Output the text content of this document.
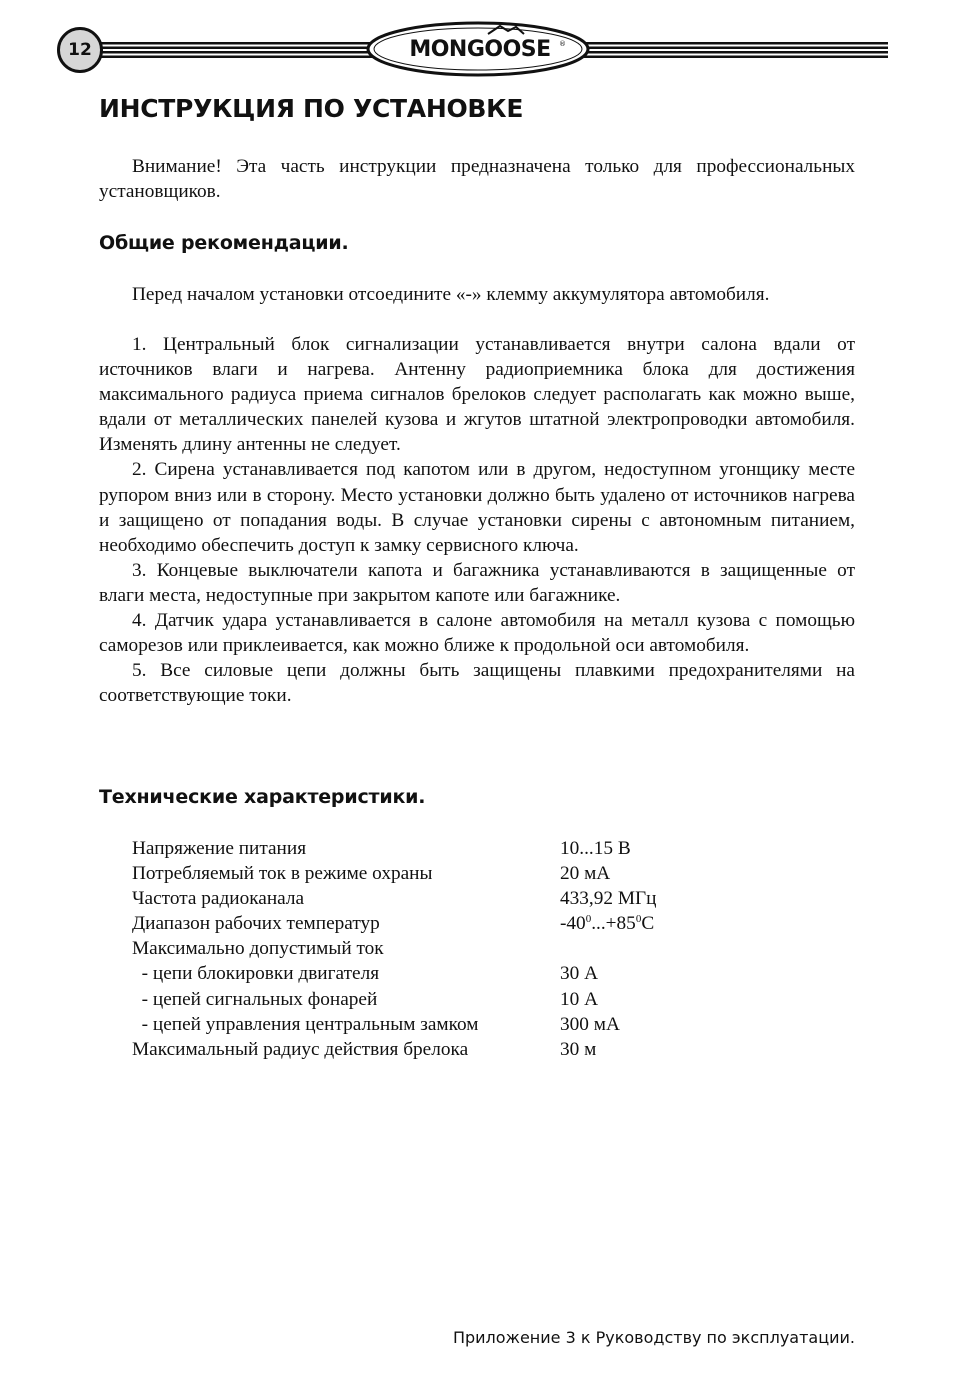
12	MONGOOSE	®
ИНСТРУКЦИЯ ПО УСТАНОВКЕ

Внимание! Эта часть инструкции предназначена только для профессиональных установщиков.

Общие рекомендации.

Перед началом установки отсоедините «-» клемму аккумулятора автомобиля.

1. Центральный блок сигнализации устанавливается внутри салона вдали от источников влаги и нагрева. Антенну радиоприемника блока для достижения максимального радиуса приема сигналов брелоков следует располагать как можно выше, вдали от металлических панелей кузова и жгутов штатной электропроводки автомобиля. Изменять длину антенны не следует.

2. Сирена устанавливается под капотом или в другом, недоступном угонщику месте рупором вниз или в сторону. Место установки должно быть удалено от источников нагрева и защищено от попадания воды. В случае установки сирены с автономным питанием, необходимо обеспечить доступ к замку сервисного ключа.

3. Концевые выключатели капота и багажника устанавливаются в защищенные от влаги места, недоступные при закрытом капоте или багажнике.

4. Датчик удара устанавливается в салоне автомобиля на металл кузова с помощью саморезов или приклеивается, как можно ближе к продольной оси автомобиля.

5. Все силовые цепи должны быть защищены плавкими предохранителями на соответствующие токи.

Технические характеристики.
Напряжение питания	10...15 В
Потребляемый ток в режиме охраны	20 мА
Частота радиоканала	433,92 МГц
Диапазон рабочих температур	$-40^0...+85^0С$
Максимально допустимый ток
- цепи блокировки двигателя	30 А
- цепей сигнальных фонарей	10 А
- цепей управления центральным замком	300 мА
Максимальный радиус действия брелока	30 м
Приложение 3 к Руководству по эксплуатации.
